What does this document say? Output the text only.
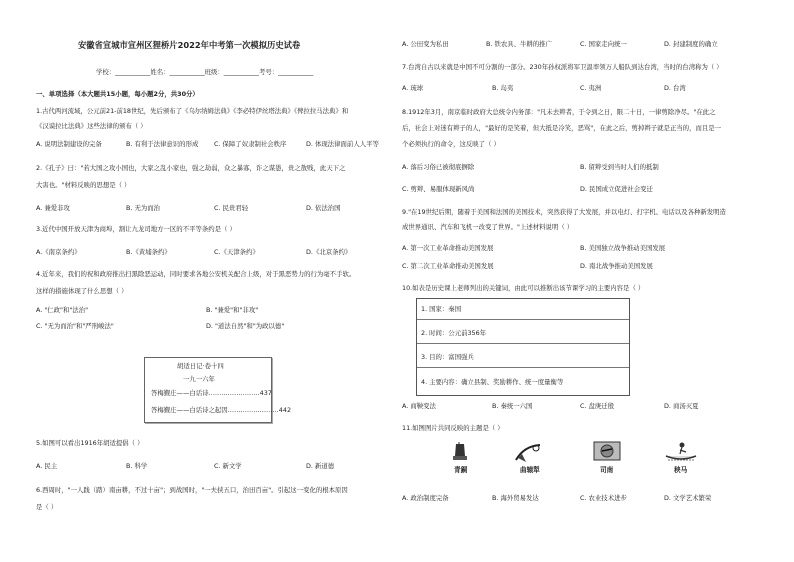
安徽省宣城市宣州区狸桥片2022年中考第一次模拟历史试卷
学校：___________姓名：___________班级：___________考号：___________
一、单项选择（本大题共15小题，每小题2分，共30分）
1.古代两河流域，公元前21-前18世纪，先后颁布了《乌尔纳姆法典》《李必特伊丝塔法典》《俾拉拉马法典》和
《汉谟拉比法典》这些法律的颁布（ ）
A. 说明法制建设的完备	B. 有利于法律意识的形成 C. 保障了奴隶制社会秩序	D. 体现法律面前人人平等
2.《孔子》曰："若大国之攻小国也，大家之乱小家也，强之劫弱，众之暴寡，诈之谋愚，贵之敖贱，此天下之
大害也。"材料反映的思想是（ ）
A. 兼爱非攻	B. 无为而治	C. 民贵君轻	D. 依法治国
3.近代中国开放天津为商埠，割让九龙司地方一区的不平等条约是（ ）
A.《南京条约》	B.《黄埔条约》	C.《天津条约》	D.《北京条约》
4.近年来，我们的祝和政府推出扫黑除恶运动，同时要求各地公安机关配合上级，对于黑恶势力的行为毫不手软。
这样的措施体现了什么思想（ ）
A. "仁政"和"法治"	B. "兼爱"和"非攻"
C. "无为而治"和"严刑峻法"	D. "道法自然"和"为政以德"
胡适日记·卷十四
一九一六年
答梅觐庄——白话诗……………………437
答梅觐庄——白话诗之起因……………………442
5.如图可以看出1916年胡适提倡（ ）
A. 民主	B. 科学	C. 新文学	D. 新道德
6.西周时，"一人践（踏）南亩耕，不过十亩"；到战国时，"一夫挟五口，治田百亩"。引起这一变化的根本原因
是（ ）
A. 公田变为私田	B. 铁农具、牛耕的推广	C. 国家走向统一	D. 封建制度的确立
7.台湾自古以来就是中国不可分割的一部分。230年孙权派将军卫温率领万人船队到达台湾，当时的台湾称为（ ）
A. 琉球	B. 岛夷	C. 夷洲	D. 台湾
8.1912年3月，南京临时政府大总统令内务部："凡未去辫者，于令到之日，限二十日，一律剪除净尽。"在此之
后，社会上对迷有辫子的人，"最好的是笑着，但大抵是冷笑，恶骂"，在此之后，剪掉辫子就是正当的，而且是一
个必须执行的命令，这反映了（ ）
A. 落后习俗已被彻底摒除	B. 留辫受到当时人们的抵制
C. 剪辫、易服体现新风尚	D. 民国成立促进社会变迁
9."在19世纪后期，随着于美国和法国的美国技术，突然获得了大发展，并以电灯、打字机、电话以及各种新发明造
成世界通讯、汽车和飞机一改变了世界。"上述材料说明（ ）
A. 第一次工业革命推动美国发展	B. 美国独立战争推动美国发展
C. 第二次工业革命推动美国发展	D. 南北战争推动美国发展
10.如表是历史课上老师列出的关键词，由此可以推断出该节课学习的主要内容是（ ）
1. 国家：秦国
2. 时间：公元前356年
3. 目的：富国强兵
4. 主要内容：确立县制、奖励耕作、统一度量衡等
A. 商鞅变法	B. 秦统一六国	C. 盘庚迁殷	D. 商汤灭夏
11.如图图片共同反映的主题是（ ）
青銅	曲辕犁	司南	秧马
A. 政治制度完备	B. 海外贸易发达	C. 农业技术进步	D. 文学艺术繁荣
